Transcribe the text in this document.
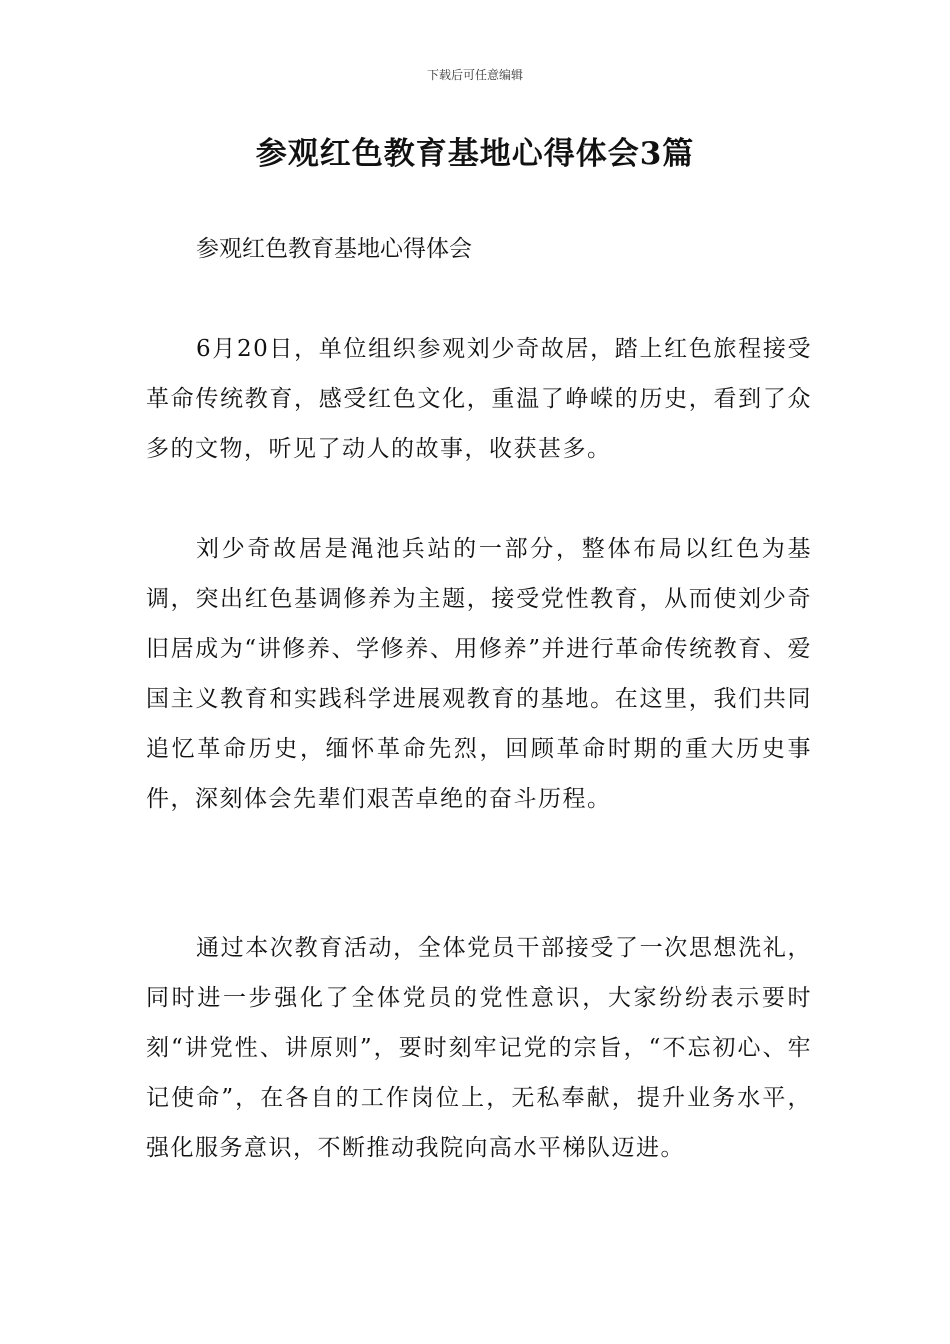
下载后可任意编辑
参观红色教育基地心得体会3篇

参观红色教育基地心得体会

6月20日，单位组织参观刘少奇故居，踏上红色旅程接受革命传统教育，感受红色文化，重温了峥嵘的历史，看到了众多的文物，听见了动人的故事，收获甚多。

刘少奇故居是渑池兵站的一部分，整体布局以红色为基调，突出红色基调修养为主题，接受党性教育，从而使刘少奇旧居成为“讲修养、学修养、用修养”并进行革命传统教育、爱国主义教育和实践科学进展观教育的基地。在这里，我们共同追忆革命历史，缅怀革命先烈，回顾革命时期的重大历史事件，深刻体会先辈们艰苦卓绝的奋斗历程。

通过本次教育活动，全体党员干部接受了一次思想洗礼，同时进一步强化了全体党员的党性意识，大家纷纷表示要时刻“讲党性、讲原则”，要时刻牢记党的宗旨，“不忘初心、牢记使命”，在各自的工作岗位上，无私奉献，提升业务水平，强化服务意识，不断推动我院向高水平梯队迈进。
